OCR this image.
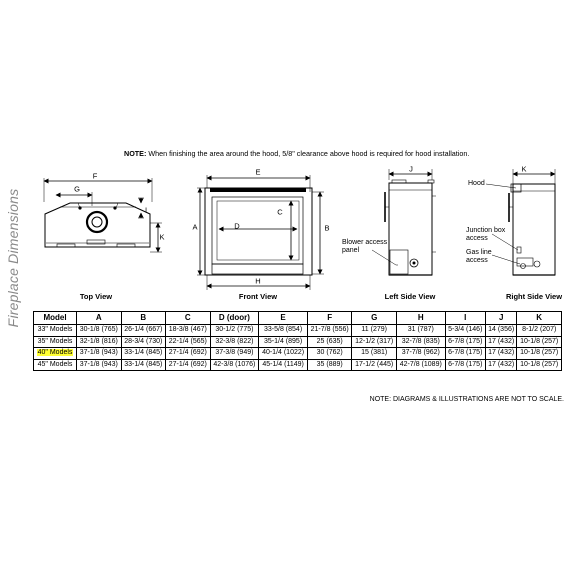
Fireplace Dimensions
NOTE: When finishing the area around the hood, 5/8" clearance above hood is required for hood installation.
F
G
I
K
E
A
C
D	B
H
J	K
Hood
Blower access
panel
Junction box
access
Gas line
access
Top View	Front View	Left Side View	Right Side View
Model	A	B	C	D (door)	E	F	G	H	I	J	K
33" Models	30-1/8 (765)	26-1/4 (667)	18-3/8 (467)	30-1/2 (775)	33-5/8 (854)	21-7/8 (556)	11 (279)	31 (787)	5-3/4 (146)	14 (356)	8-1/2 (207)
35" Models	32-1/8 (816)	28-3/4 (730)	22-1/4 (565)	32-3/8 (822)	35-1/4 (895)	25 (635)	12-1/2 (317)	32-7/8 (835)	6-7/8 (175)	17 (432)	10-1/8 (257)
40" Models	37-1/8 (943)	33-1/4 (845)	27-1/4 (692)	37-3/8 (949)	40-1/4 (1022)	30 (762)	15 (381)	37-7/8 (962)	6-7/8 (175)	17 (432)	10-1/8 (257)
45" Models	37-1/8 (943)	33-1/4 (845)	27-1/4 (692)	42-3/8 (1076)	45-1/4 (1149)	35 (889)	17-1/2 (445)	42-7/8 (1089)	6-7/8 (175)	17 (432)	10-1/8 (257)
NOTE: DIAGRAMS & ILLUSTRATIONS ARE NOT TO SCALE.
